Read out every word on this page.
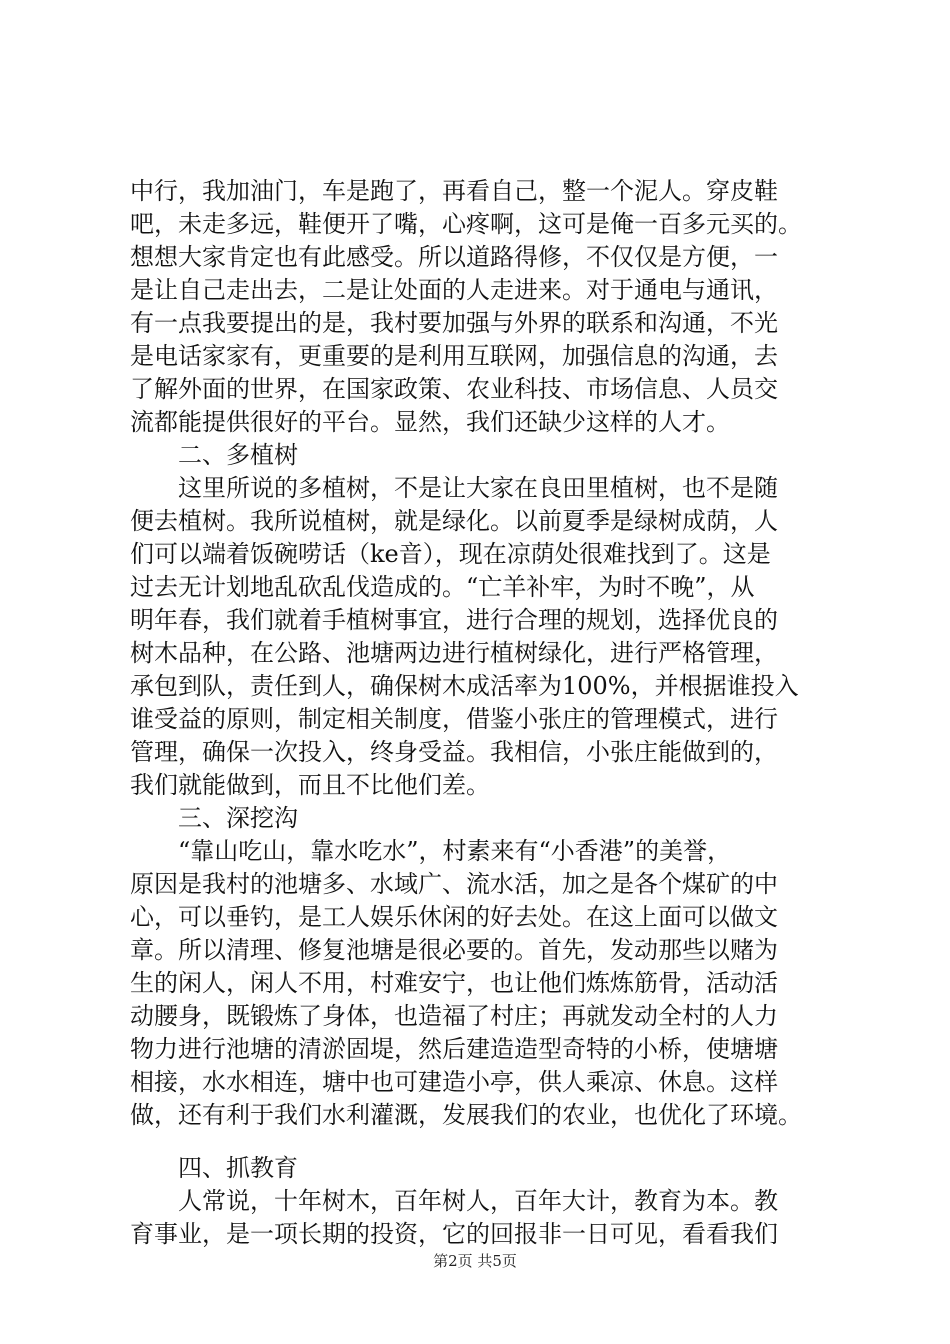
中行，我加油门，车是跑了，再看自己，整一个泥人。穿皮鞋
吧，未走多远，鞋便开了嘴，心疼啊，这可是俺一百多元买的。
想想大家肯定也有此感受。所以道路得修，不仅仅是方便，一
是让自己走出去，二是让处面的人走进来。对于通电与通讯，
有一点我要提出的是，我村要加强与外界的联系和沟通，不光
是电话家家有，更重要的是利用互联网，加强信息的沟通，去
了解外面的世界，在国家政策、农业科技、市场信息、人员交
流都能提供很好的平台。显然，我们还缺少这样的人才。
　　二、多植树
　　这里所说的多植树，不是让大家在良田里植树，也不是随
便去植树。我所说植树，就是绿化。以前夏季是绿树成荫，人
们可以端着饭碗唠话（ke音），现在凉荫处很难找到了。这是
过去无计划地乱砍乱伐造成的。“亡羊补牢，为时不晚”，从
明年春，我们就着手植树事宜，进行合理的规划，选择优良的
树木品种，在公路、池塘两边进行植树绿化，进行严格管理，
承包到队，责任到人，确保树木成活率为100%，并根据谁投入
谁受益的原则，制定相关制度，借鉴小张庄的管理模式，进行
管理，确保一次投入，终身受益。我相信，小张庄能做到的，
我们就能做到，而且不比他们差。
　　三、深挖沟
　　“靠山吃山，靠水吃水”，村素来有“小香港”的美誉，
原因是我村的池塘多、水域广、流水活，加之是各个煤矿的中
心，可以垂钓，是工人娱乐休闲的好去处。在这上面可以做文
章。所以清理、修复池塘是很必要的。首先，发动那些以赌为
生的闲人，闲人不用，村难安宁，也让他们炼炼筋骨，活动活
动腰身，既锻炼了身体，也造福了村庄；再就发动全村的人力
物力进行池塘的清淤固堤，然后建造造型奇特的小桥，使塘塘
相接，水水相连，塘中也可建造小亭，供人乘凉、休息。这样
做，还有利于我们水利灌溉，发展我们的农业，也优化了环境。
　　四、抓教育
　　人常说，十年树木，百年树人，百年大计，教育为本。教
育事业，是一项长期的投资，它的回报非一日可见，看看我们
第2页 共5页
